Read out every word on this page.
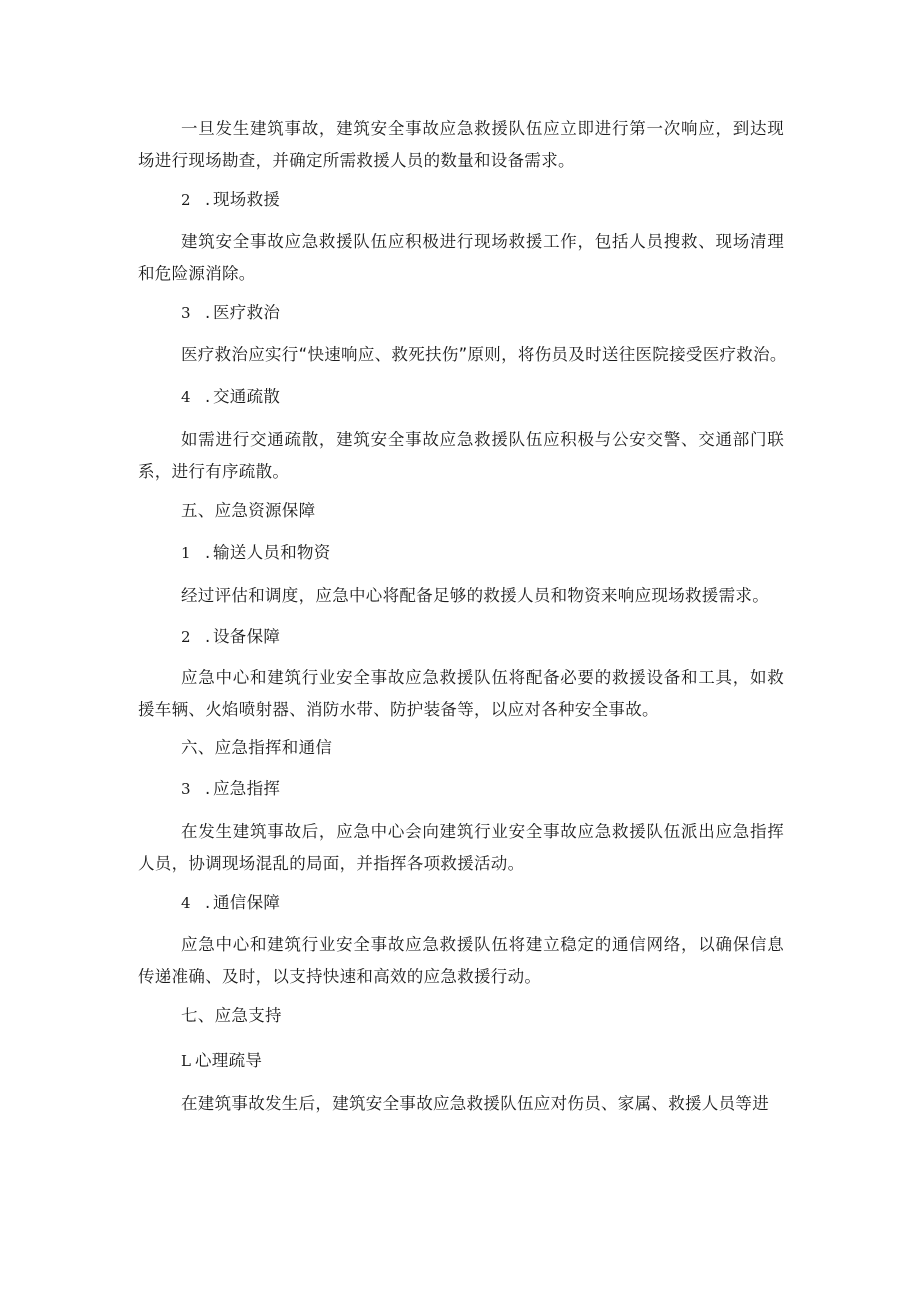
一旦发生建筑事故，建筑安全事故应急救援队伍应立即进行第一次响应，到达现场进行现场勘查，并确定所需救援人员的数量和设备需求。

2 . 现场救援

建筑安全事故应急救援队伍应积极进行现场救援工作，包括人员搜救、现场清理和危险源消除。

3 . 医疗救治

医疗救治应实行“快速响应、救死扶伤”原则，将伤员及时送往医院接受医疗救治。

4 . 交通疏散

如需进行交通疏散，建筑安全事故应急救援队伍应积极与公安交警、交通部门联系，进行有序疏散。

五、应急资源保障

1 . 输送人员和物资

经过评估和调度，应急中心将配备足够的救援人员和物资来响应现场救援需求。

2 . 设备保障

应急中心和建筑行业安全事故应急救援队伍将配备必要的救援设备和工具，如救援车辆、火焰喷射器、消防水带、防护装备等，以应对各种安全事故。

六、应急指挥和通信

3 . 应急指挥

在发生建筑事故后，应急中心会向建筑行业安全事故应急救援队伍派出应急指挥人员，协调现场混乱的局面，并指挥各项救援活动。

4 . 通信保障

应急中心和建筑行业安全事故应急救援队伍将建立稳定的通信网络，以确保信息传递准确、及时，以支持快速和高效的应急救援行动。

七、应急支持

L 心理疏导

在建筑事故发生后，建筑安全事故应急救援队伍应对伤员、家属、救援人员等进
